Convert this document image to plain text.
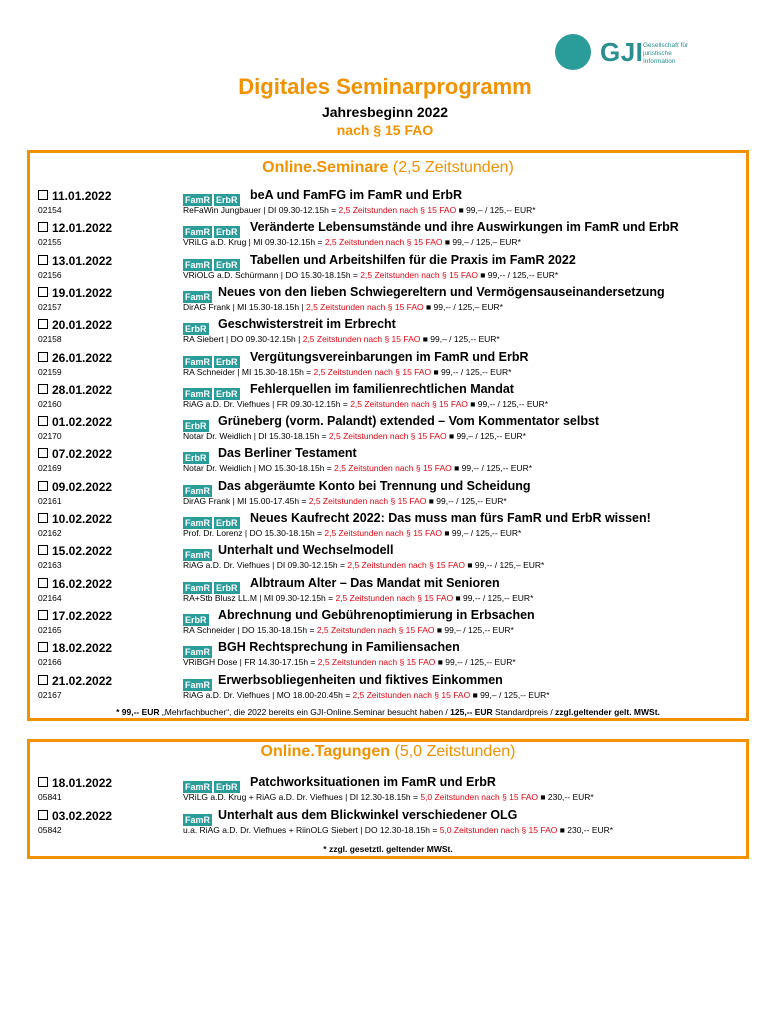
GJI Gesellschaft für juristische Information
Digitales Seminarprogramm
Jahresbeginn 2022
nach § 15 FAO
Online.Seminare (2,5 Zeitstunden)
11.01.2022
02154
FamR ErbR beA und FamFG im FamR und ErbR
ReFaWin Jungbauer | DI 09.30-12.15h = 2,5 Zeitstunden nach § 15 FAO ■ 99,– / 125,-- EUR*
12.01.2022
02155
FamR ErbR Veränderte Lebensumstände und ihre Auswirkungen im FamR und ErbR
VRiLG a.D. Krug | MI 09.30-12.15h = 2,5 Zeitstunden nach § 15 FAO ■ 99,– / 125,– EUR*
13.01.2022
02156
FamR ErbR Tabellen und Arbeitshilfen für die Praxis im FamR 2022
VRiOLG a.D. Schürmann | DO 15.30-18.15h = 2,5 Zeitstunden nach § 15 FAO ■ 99,-- / 125,-- EUR*
19.01.2022
02157
FamR Neues von den lieben Schwiegereltern und Vermögensauseinandersetzung
DirAG Frank | MI 15.30-18.15h | 2,5 Zeitstunden nach § 15 FAO ■ 99,-- / 125,– EUR*
20.01.2022
02158
ErbR Geschwisterstreit im Erbrecht
RA Siebert | DO 09.30-12.15h | 2,5 Zeitstunden nach § 15 FAO ■ 99,– / 125,-- EUR*
26.01.2022
02159
FamR ErbR Vergütungsvereinbarungen im FamR und ErbR
RA Schneider | MI 15.30-18.15h = 2,5 Zeitstunden nach § 15 FAO ■ 99,-- / 125,-- EUR*
28.01.2022
02160
FamR ErbR Fehlerquellen im familienrechtlichen Mandat
RiAG a.D. Dr. Viefhues | FR 09.30-12.15h = 2,5 Zeitstunden nach § 15 FAO ■ 99,-- / 125,-- EUR*
01.02.2022
02170
ErbR Grüneberg (vorm. Palandt) extended – Vom Kommentator selbst
Notar Dr. Weidlich | DI 15.30-18.15h = 2,5 Zeitstunden nach § 15 FAO ■ 99,– / 125,-- EUR*
07.02.2022
02169
ErbR Das Berliner Testament
Notar Dr. Weidlich | MO 15.30-18.15h = 2,5 Zeitstunden nach § 15 FAO ■ 99,-- / 125,-- EUR*
09.02.2022
02161
FamR Das abgeräumte Konto bei Trennung und Scheidung
DirAG Frank | MI 15.00-17.45h = 2,5 Zeitstunden nach § 15 FAO ■ 99,-- / 125,-- EUR*
10.02.2022
02162
FamR ErbR Neues Kaufrecht 2022: Das muss man fürs FamR und ErbR wissen!
Prof. Dr. Lorenz | DO 15.30-18.15h = 2,5 Zeitstunden nach § 15 FAO ■ 99,– / 125,-- EUR*
15.02.2022
02163
FamR Unterhalt und Wechselmodell
RiAG a.D. Dr. Viefhues | DI 09.30-12.15h = 2,5 Zeitstunden nach § 15 FAO ■ 99,-- / 125,– EUR*
16.02.2022
02164
FamR ErbR Albtraum Alter – Das Mandat mit Senioren
RA+Stb Blusz LL.M | MI 09.30-12.15h = 2,5 Zeitstunden nach § 15 FAO ■ 99,-- / 125,-- EUR*
17.02.2022
02165
ErbR Abrechnung und Gebührenoptimierung in Erbsachen
RA Schneider | DO 15.30-18.15h = 2,5 Zeitstunden nach § 15 FAO ■ 99,– / 125,-- EUR*
18.02.2022
02166
FamR BGH Rechtsprechung in Familiensachen
VRiBGH Dose | FR 14.30-17.15h = 2,5 Zeitstunden nach § 15 FAO ■ 99,-- / 125,-- EUR*
21.02.2022
02167
FamR Erwerbsobliegenheiten und fiktives Einkommen
RiAG a.D. Dr. Viefhues | MO 18.00-20.45h = 2,5 Zeitstunden nach § 15 FAO ■ 99,– / 125,-- EUR*
* 99,-- EUR „Mehrfachbucher“, die 2022 bereits ein GJI-Online.Seminar besucht haben / 125,-- EUR Standardpreis / zzgl.geltender gelt. MWSt.
Online.Tagungen (5,0 Zeitstunden)
18.01.2022
05841
FamR ErbR Patchworksituationen im FamR und ErbR
VRiLG a.D. Krug + RiAG a.D. Dr. Viefhues | DI 12.30-18.15h = 5,0 Zeitstunden nach § 15 FAO ■ 230,-- EUR*
03.02.2022
05842
FamR Unterhalt aus dem Blickwinkel verschiedener OLG
u.a. RiAG a.D. Dr. Viefhues + RiinOLG Siebert | DO 12.30-18.15h = 5,0 Zeitstunden nach § 15 FAO ■ 230,-- EUR*
* zzgl. gesetztl. geltender MWSt.
